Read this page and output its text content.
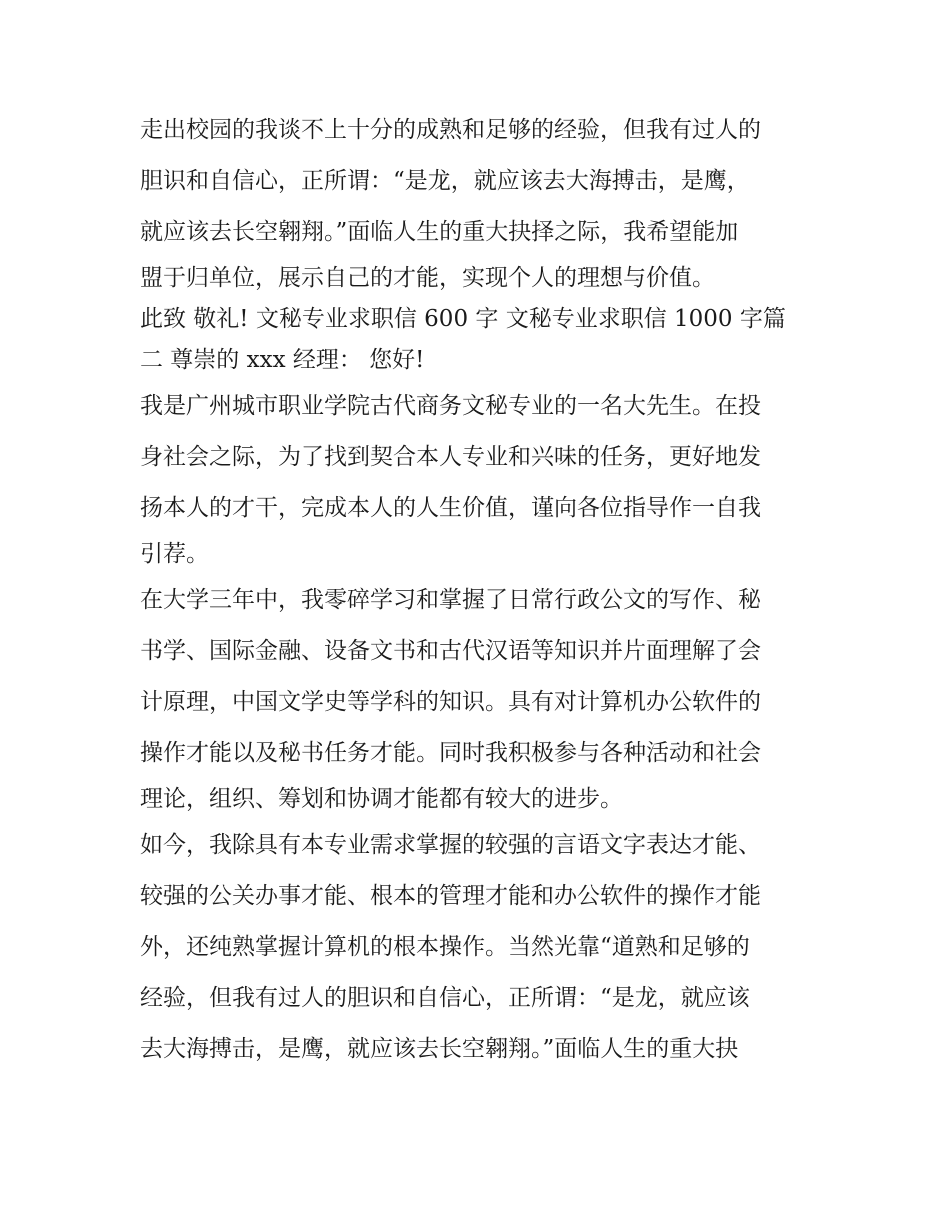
走出校园的我谈不上十分的成熟和足够的经验，但我有过人的
胆识和自信心，正所谓：“是龙，就应该去大海搏击，是鹰，
就应该去长空翱翔。”面临人生的重大抉择之际，我希望能加
盟于归单位，展示自己的才能，实现个人的理想与价值。
此致 敬礼! 文秘专业求职信 600 字 文秘专业求职信 1000 字篇
二 尊崇的 xxx 经理： 您好!
我是广州城市职业学院古代商务文秘专业的一名大先生。在投
身社会之际，为了找到契合本人专业和兴味的任务，更好地发
扬本人的才干，完成本人的人生价值，谨向各位指导作一自我
引荐。
在大学三年中，我零碎学习和掌握了日常行政公文的写作、秘
书学、国际金融、设备文书和古代汉语等知识并片面理解了会
计原理，中国文学史等学科的知识。具有对计算机办公软件的
操作才能以及秘书任务才能。同时我积极参与各种活动和社会
理论，组织、筹划和协调才能都有较大的进步。
如今，我除具有本专业需求掌握的较强的言语文字表达才能、
较强的公关办事才能、根本的管理才能和办公软件的操作才能
外，还纯熟掌握计算机的根本操作。当然光靠“道熟和足够的
经验，但我有过人的胆识和自信心，正所谓：“是龙，就应该
去大海搏击，是鹰，就应该去长空翱翔。”面临人生的重大抉
